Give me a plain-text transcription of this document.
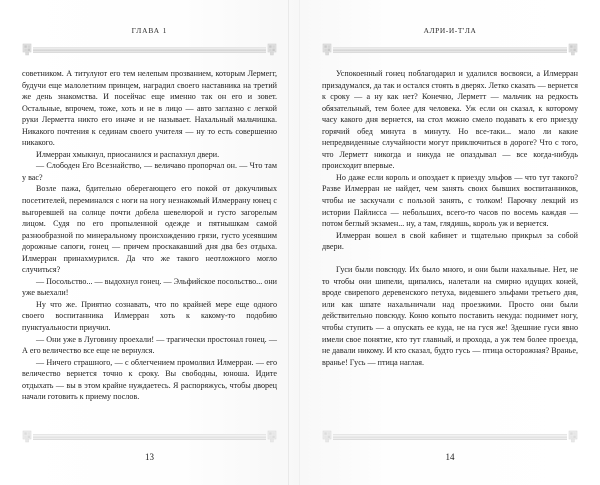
ГЛАВА 1

советником. А титулуют его тем нелепым прозванием, которым Лермегг, будучи еще малолетним принцем, наградил своего наставника на третий же день знакомства. И посейчас еще именно так он его и зовет. Остальные, впрочем, тоже, хоть и не в лицо — авто заглазно с легкой руки Лерметта никто его иначе и не называет. Нахальный мальчишка. Никакого почтения к сединам своего учителя — ну то есть совершенно никакого.

Илмерран хмыкнул, приосанился и распахнул двери.

— Слободен Его Всезнайство, — величаво пропорчал он. — Что там у вас?

Возле пажа, бдительно оберегающего его покой от докучливых посетителей, переминался с ноги на ногу незнакомый Илмеррану юнец с выгоревшей на солнце почти добела шевелюрой и густо загорелым лицом. Судя по его пропыленной одежде и пятнышкам самой разнообразной по минеральному происхождению грязи, густо усеявшим дорожные сапоги, гонец — причем проскакавший дня два без отдыха. Илмерран принахмурился. Да что же такого неотложного могло случиться?

— Посольство... — выдохнул гонец. — Эльфийское посольство... они уже выехали!

Ну что же. Приятно сознавать, что по крайней мере еще одного своего воспитанника Илмерран хоть к какому-то подобию пунктуальности приучил.

— Они уже в Луговину проехали! — трагически простонал гонец. — А его величество все еще не вернулся.

— Ничего страшного, — с облегчением промолвил Илмерран. — его величество вернется точно к сроку. Вы свободны, юноша. Идите отдыхать — вы в этом крайне нуждаетесь. Я распоряжусь, чтобы дворец начали готовить к приему послов.

13
АЛРИ-И-Т'ЛА

Успокоенный гонец поблагодарил и удалился восвояси, а Илмерран призадумался, да так и остался стоять в дверях. Летко сказать — вернется к сроку — а ну как нет? Конечно, Лерметт — мальчик на редкость обязательный, тем более для человека. Уж если он сказал, к которому часу какого дня вернется, на стол можно смело подавать к его приезду горячий обед минута в минуту. Но все-таки... мало ли какие непредвиденные случайности могут приключиться в дороге? Что с того, что Лерметт никогда и никуда не опаздывал — все когда-нибудь происходит впервые.

Но даже если король и опоздает к приезду эльфов — что тут такого? Разве Илмерран не найдет, чем занять своих бывших воспитанников, чтобы не заскучали с пользой занять, с толком! Парочку лекций из истории Пайлисса — небольших, всего-то часов по восемь каждая — потом беглый экзамен... ну, а там, глядишь, король уж и вернется.

Илмерран вошел в свой кабинет и тщательно прикрыл за собой двери.

Гуси были повсюду. Их было много, и они были нахальные. Нет, не то чтобы они шипели, щипались, налетали на смирно идущих коней, вроде свирепого деревенского петуха, видевшего эльфами третьего дня, или как шпате нахальничали над проезжими. Просто они были действительно повсюду. Коню копыто поставить некуда: поднимет ногу, чтобы ступить — а опускать ее куда, не на гуся же! Здешние гуси явно имели свое понятие, кто тут главный, и прохода, а уж тем более проезда, не давали никому. И кто сказал, будто гусь — птица осторожная? Вранье, вранье! Гусь — птица наглая.

14
